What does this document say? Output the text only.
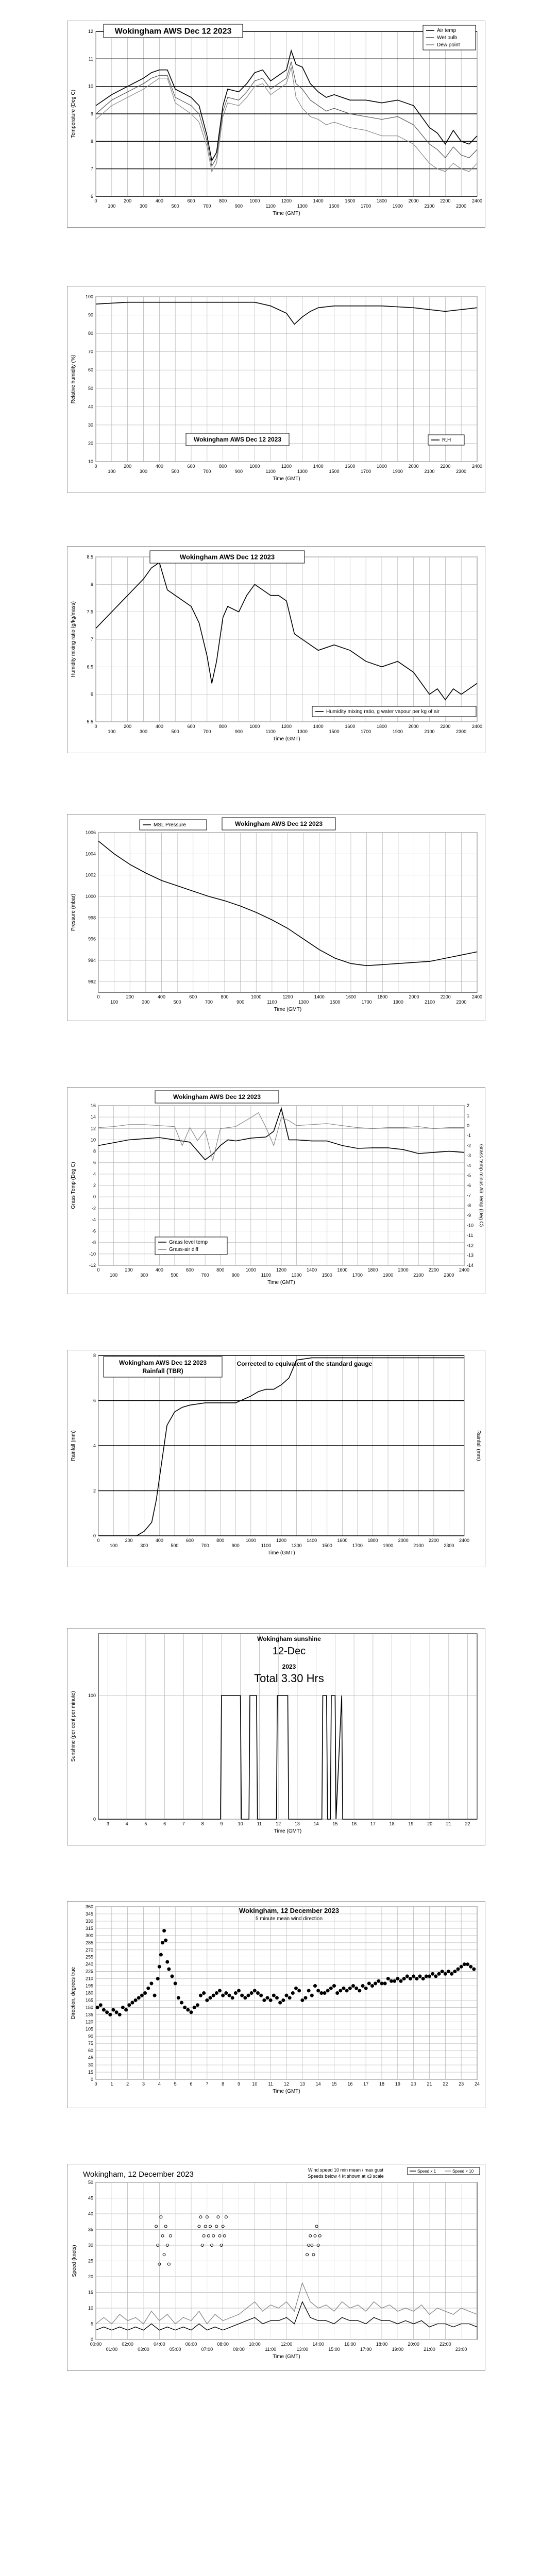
6
7
8
9
10
11
12
0
100
200
300
400
500
600
700
800
900
1000
1100
1200
1300
1400
1500
1600
1700
1800
1900
2000
2100
2200
2300
2400
Time (GMT)
Temperature (Deg C)
Wokingham AWS Dec 12 2023	Air temp
Wet bulb
Dew point
10
20
30
40
50
60
70
80
90
100
0
100
200
300
400
500
600
700
800
900
1000
1100
1200
1300
1400
1500
1600
1700
1800
1900
2000
2100
2200
2300
2400
Time (GMT)
Relative humidity (%)
Wokingham AWS Dec 12 2023	R.H
5.5
6
6.5
7
7.5
8
8.5
0
100
200
300
400
500
600
700
800
900
1000
1100
1200
1300
1400
1500
1600
1700
1800
1900
2000
2100
2200
2300
2400
Time (GMT)
Humidity mixing ratio (g/kg/mass)
Wokingham AWS Dec 12 2023
Humidity mixing ratio, g water vapour per kg of air
992
994
996
998
1000
1002
1004
1006
0
100
200
300
400
500
600
700
800
900
1000
1100
1200
1300
1400
1500
1600
1700
1800
1900
2000
2100
2200
2300
2400
Time (GMT)
Pressure (mbar)
Wokingham AWS Dec 12 2023
MSL Pressure
-12
-10
-8
-6
-4
-2
0
2
4
6
8
10
12
14
16
-14
-13
-12
-11
-10
-9
-8
-7
-6
-5
-4
-3
-2
-1
0
1
2
0
100
200
300
400
500
600
700
800
900
1000
1100
1200
1300
1400
1500
1600
1700
1800
1900
2000
2100
2200
2300
2400
Time (GMT)
Grass Temp (Deg C)	Grass temp minus Air Temp (Deg C)
Wokingham AWS Dec 12 2023
Grass level temp
Grass-air diff
0
2
4
6
8
0
100
200
300
400
500
600
700
800
900
1000
1100
1200
1300
1400
1500
1600
1700
1800
1900
2000
2100
2200
2300
2400
Time (GMT)
Rainfall (mm)	Rainfall (mm)
Wokingham AWS Dec 12 2023
Rainfall (TBR)
Corrected to equivalent of the standard gauge
0
100
3	4	5	6	7	8	9	10	11	12	13	14	15	16	17	18	19	20	21	22
Time (GMT)
Sunshine (per cent per minute)
Wokingham sunshine
12-Dec
2023
Total 3.30 Hrs
0
15
30
45
60
75
90
105
120
135
150
165
180
195
210
225
240
255
270
285
300
315
330
345
360
0	1	2	3	4	5	6	7	8	9	10 11 12 13 14 15 16 17 18 19 20 21 22 23 24
Time (GMT)
Direction, degrees true
Wokingham, 12 December 2023
5 minute mean wind direction
0
5
10
15
20
25
30
35
40
45
50
00:00	02:00	04:00	06:00	08:00	10:00	12:00	14:00	16:00	18:00	20:00	22:00
01:00	03:00	05:00	07:00	09:00	11:00	13:00	15:00	17:00	19:00	21:00	23:00
Time (GMT)
Speed (knots)
Wokingham, 12 December 2023	Wind speed 10 min mean / max gust
Speeds below 4 kt shown at x3 scale
Speed x 1	Speed × 10
